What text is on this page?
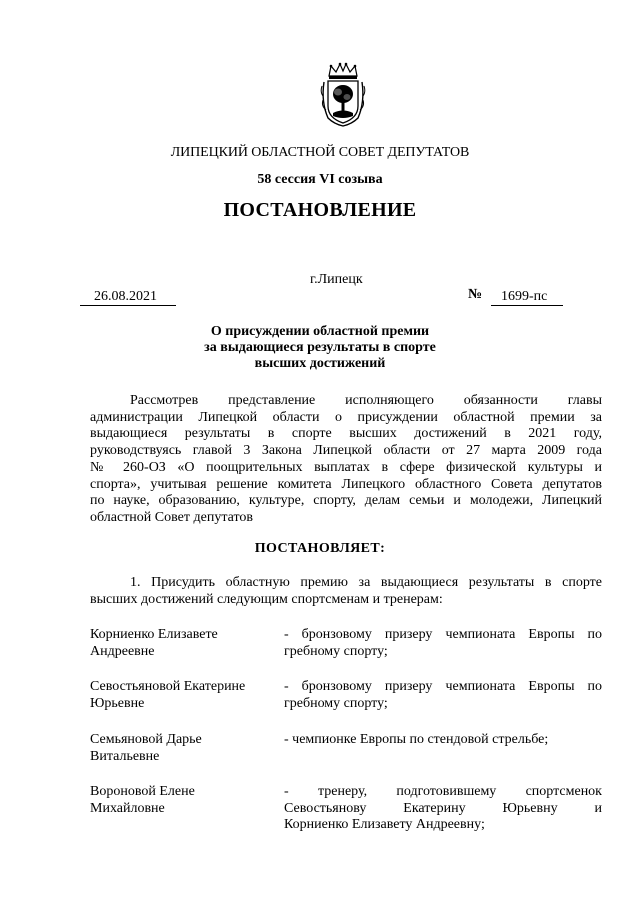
ЛИПЕЦКИЙ ОБЛАСТНОЙ СОВЕТ ДЕПУТАТОВ
58 сессия VI созыва
ПОСТАНОВЛЕНИЕ
г.Липецк
26.08.2021	№	1699-пс
О присуждении областной премии
за выдающиеся результаты в спорте
высших достижений
Рассмотрев представление исполняющего обязанности главы
администрации Липецкой области о присуждении областной премии за
выдающиеся результаты в спорте высших достижений в 2021 году,
руководствуясь главой 3 Закона Липецкой области от 27 марта 2009 года
№ 260-ОЗ «О поощрительных выплатах в сфере физической культуры и
спорта», учитывая решение комитета Липецкого областного Совета депутатов
по науке, образованию, культуре, спорту, делам семьи и молодежи, Липецкий
областной Совет депутатов
ПОСТАНОВЛЯЕТ:
1. Присудить областную премию за выдающиеся результаты в спорте
высших достижений следующим спортсменам и тренерам:
Корниенко Елизавете
Андреевне
- бронзовому призеру чемпионата Европы по
гребному спорту;
Севостьяновой Екатерине
Юрьевне
- бронзовому призеру чемпионата Европы по
гребному спорту;
Семьяновой Дарье
Витальевне
- чемпионке Европы по стендовой стрельбе;
Вороновой Елене
Михайловне
- тренеру, подготовившему спортсменок
Севостьянову Екатерину Юрьевну и
Корниенко Елизавету Андреевну;
